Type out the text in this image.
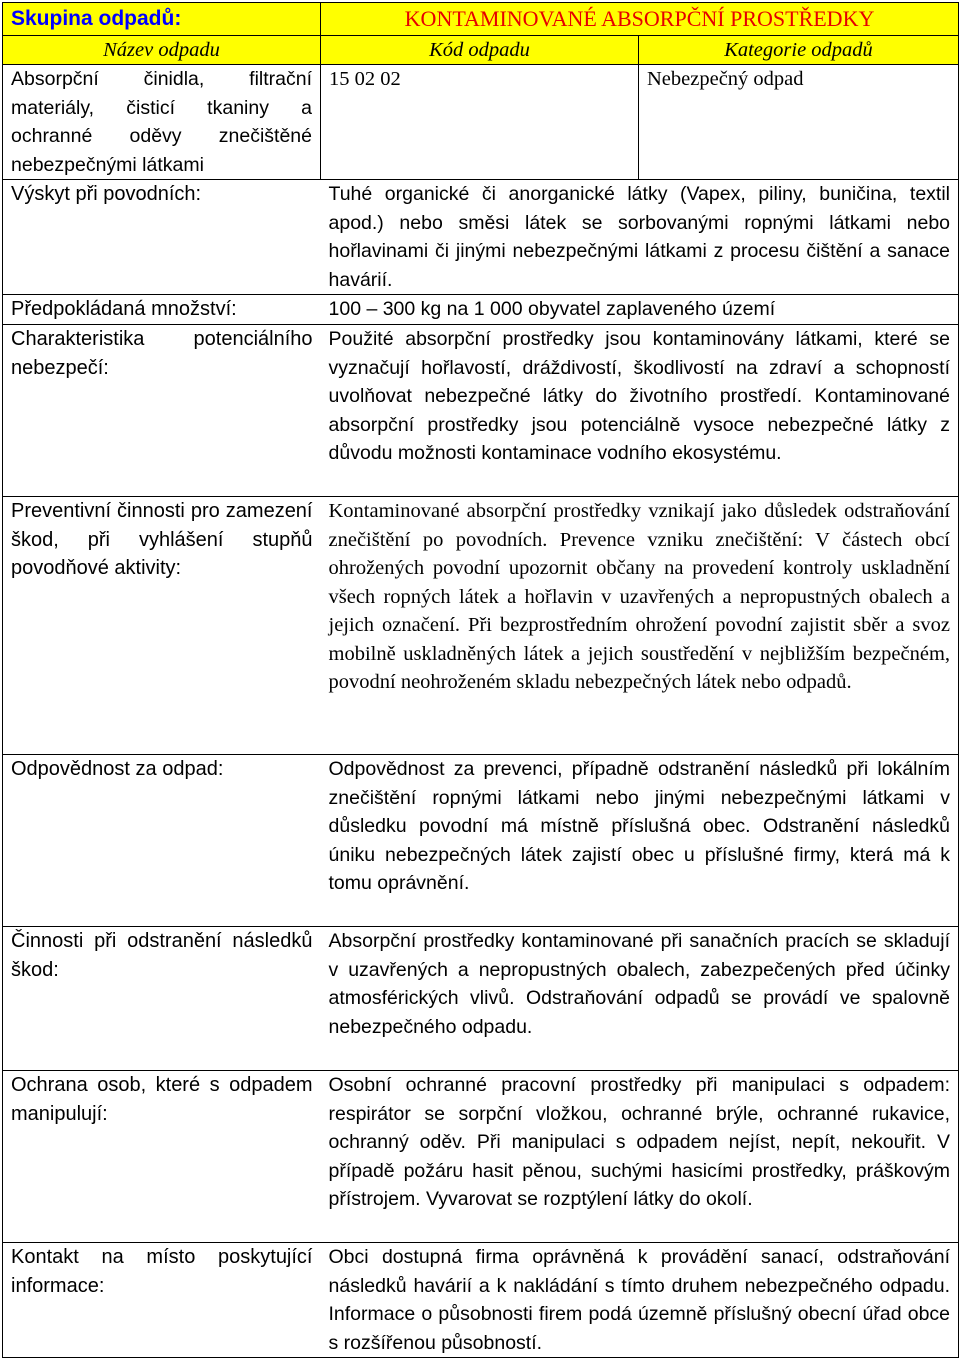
Skupina odpadů:	KONTAMINOVANÉ ABSORPČNÍ PROSTŘEDKY	
Název odpadu	Kód odpadu	Kategorie odpadů
Absorpční činidla, filtrační materiály, čisticí tkaniny a ochranné oděvy znečištěné nebezpečnými látkami	15 02 02	Nebezpečný odpad
Výskyt při povodních:	Tuhé organické či anorganické látky (Vapex, piliny, buničina, textil apod.) nebo směsi látek se sorbovanými ropnými látkami nebo hořlavinami či jinými nebezpečnými látkami z procesu čištění a sanace havárií.	
Předpokládaná množství:	100 – 300 kg na 1 000 obyvatel zaplaveného území	
Charakteristika potenciálního nebezpečí:	Použité absorpční prostředky jsou kontaminovány látkami, které se vyznačují hořlavostí, dráždivostí, škodlivostí na zdraví a schopností uvolňovat nebezpečné látky do životního prostředí. Kontaminované absorpční prostředky jsou potenciálně vysoce nebezpečné látky z důvodu možnosti kontaminace vodního ekosystému.	
Preventivní činnosti pro zamezení škod, při vyhlášení stupňů povodňové aktivity:	Kontaminované absorpční prostředky vznikají jako důsledek odstraňování znečištění po povodních. Prevence vzniku znečištění: V částech obcí ohrožených povodní upozornit občany na provedení kontroly uskladnění všech ropných látek a hořlavin v uzavřených a nepropustných obalech a jejich označení. Při bezprostředním ohrožení povodní zajistit sběr a svoz mobilně uskladněných látek a jejich soustředění v nejbližším bezpečném, povodní neohroženém skladu nebezpečných látek nebo odpadů.	
Odpovědnost za odpad:	Odpovědnost za prevenci, případně odstranění následků při lokálním znečištění ropnými látkami nebo jinými nebezpečnými látkami v důsledku povodní má místně příslušná obec. Odstranění následků úniku nebezpečných látek zajistí obec u příslušné firmy, která má k tomu oprávnění.	
Činnosti při odstranění následků škod:	Absorpční prostředky kontaminované při sanačních pracích se skladují v uzavřených a nepropustných obalech, zabezpečených před účinky atmosférických vlivů. Odstraňování odpadů se provádí ve spalovně nebezpečného odpadu.	
Ochrana osob, které s odpadem manipulují:	Osobní ochranné pracovní prostředky při manipulaci s odpadem: respirátor se sorpční vložkou, ochranné brýle, ochranné rukavice, ochranný oděv. Při manipulaci s odpadem nejíst, nepít, nekouřit. V případě požáru hasit pěnou, suchými hasicími prostředky, práškovým přístrojem. Vyvarovat se rozptýlení látky do okolí.	
Kontakt na místo poskytující informace:	Obci dostupná firma oprávněná k provádění sanací, odstraňování následků havárií a k nakládání s tímto druhem nebezpečného odpadu. Informace o působnosti firem podá územně příslušný obecní úřad obce s rozšířenou působností.	
